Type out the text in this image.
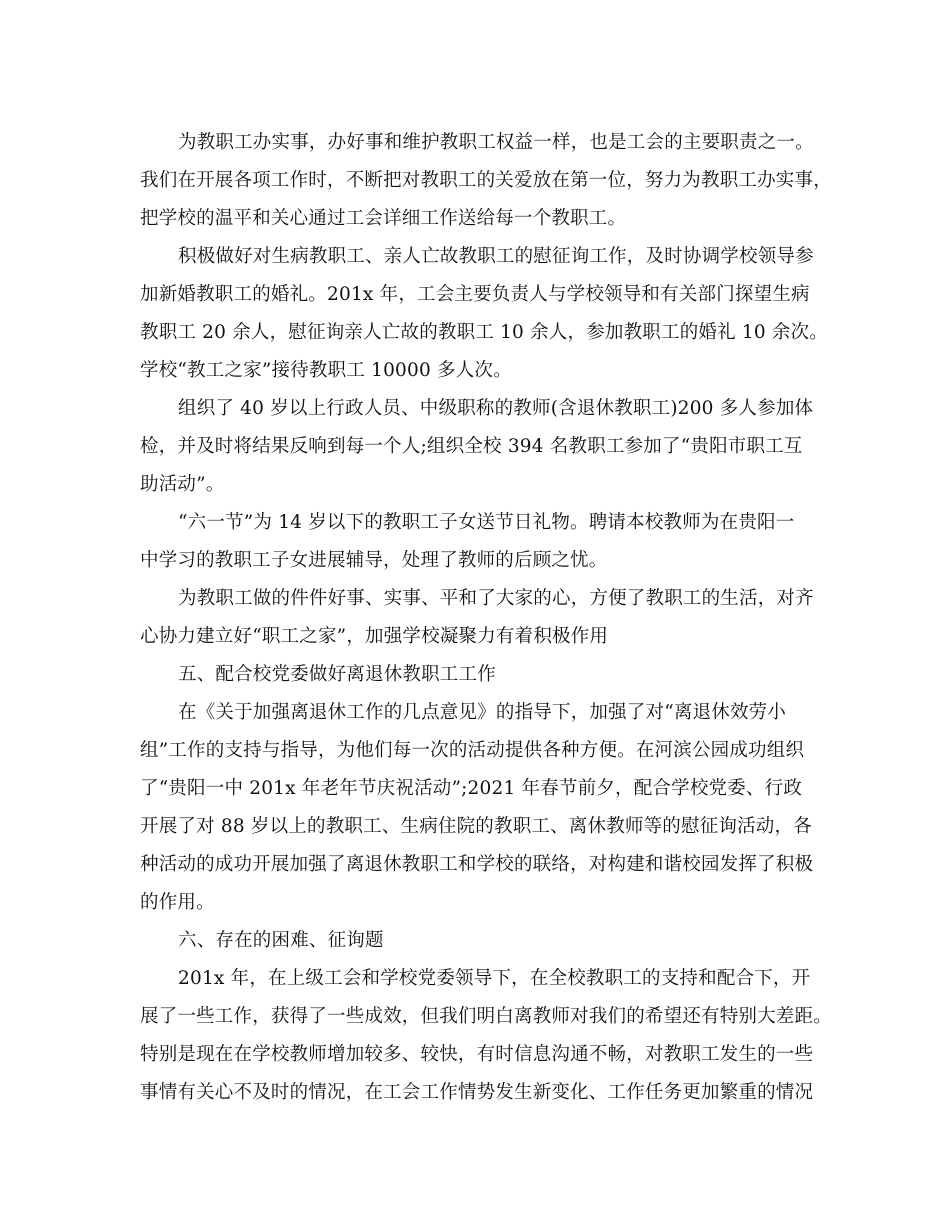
为教职工办实事，办好事和维护教职工权益一样，也是工会的主要职责之一。
我们在开展各项工作时，不断把对教职工的关爱放在第一位，努力为教职工办实事，
把学校的温平和关心通过工会详细工作送给每一个教职工。
积极做好对生病教职工、亲人亡故教职工的慰征询工作，及时协调学校领导参
加新婚教职工的婚礼。201x 年，工会主要负责人与学校领导和有关部门探望生病
教职工 20 余人，慰征询亲人亡故的教职工 10 余人，参加教职工的婚礼 10 余次。
学校“教工之家”接待教职工 10000 多人次。
组织了 40 岁以上行政人员、中级职称的教师(含退休教职工)200 多人参加体
检，并及时将结果反响到每一个人;组织全校 394 名教职工参加了“贵阳市职工互
助活动”。
“六一节”为 14 岁以下的教职工子女送节日礼物。聘请本校教师为在贵阳一
中学习的教职工子女进展辅导，处理了教师的后顾之忧。
为教职工做的件件好事、实事、平和了大家的心，方便了教职工的生活，对齐
心协力建立好“职工之家”，加强学校凝聚力有着积极作用
五、配合校党委做好离退休教职工工作
在《关于加强离退休工作的几点意见》的指导下，加强了对“离退休效劳小
组”工作的支持与指导，为他们每一次的活动提供各种方便。在河滨公园成功组织
了“贵阳一中 201x 年老年节庆祝活动”;2021 年春节前夕，配合学校党委、行政
开展了对 88 岁以上的教职工、生病住院的教职工、离休教师等的慰征询活动，各
种活动的成功开展加强了离退休教职工和学校的联络，对构建和谐校园发挥了积极
的作用。
六、存在的困难、征询题
201x 年，在上级工会和学校党委领导下，在全校教职工的支持和配合下，开
展了一些工作，获得了一些成效，但我们明白离教师对我们的希望还有特别大差距。
特别是现在在学校教师增加较多、较快，有时信息沟通不畅，对教职工发生的一些
事情有关心不及时的情况，在工会工作情势发生新变化、工作任务更加繁重的情况
